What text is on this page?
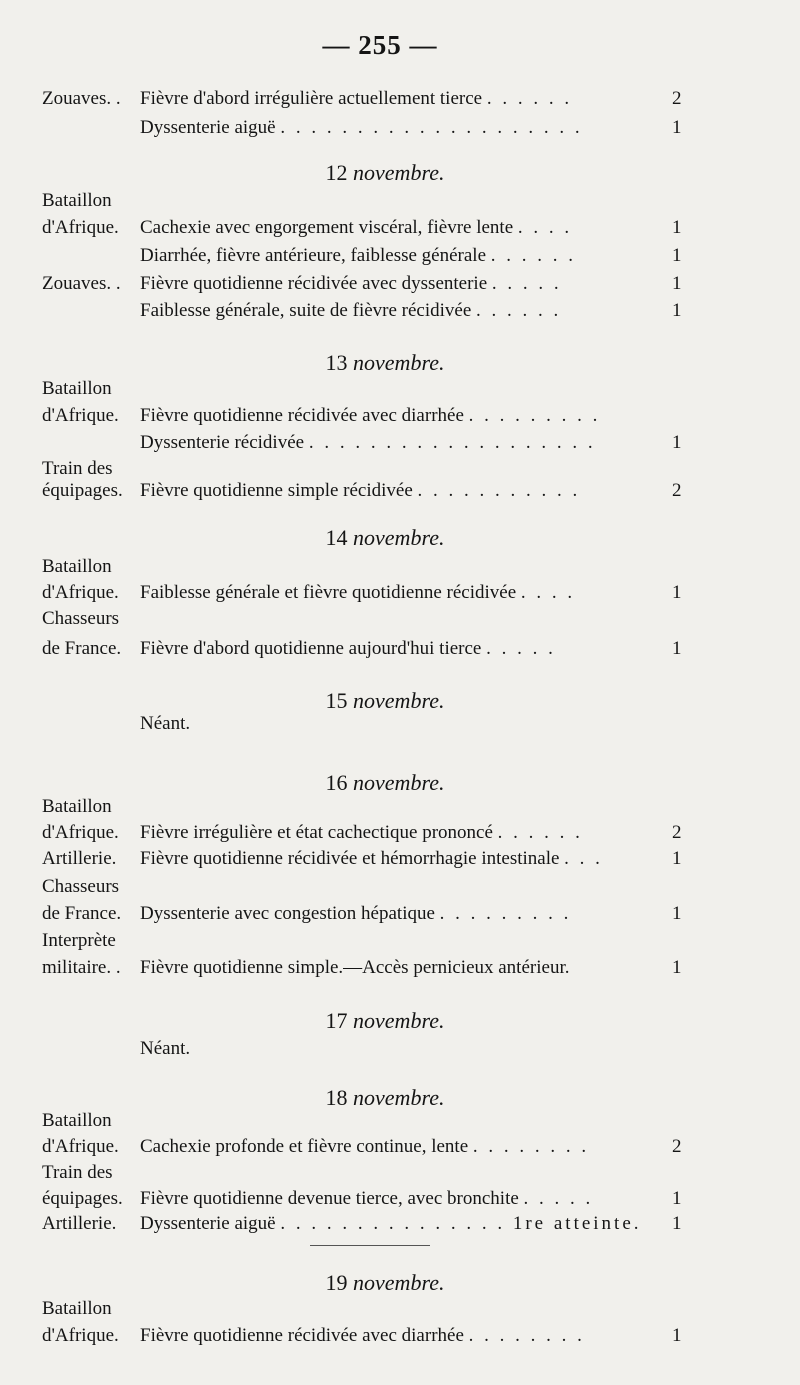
— 255 —
Zouaves. . Fièvre d'abord irrégulière actuellement tierce . . . . . .	2
Dyssenterie aiguë . . . . . . . . . . . . . . . . . . . .	1
12 novembre.
Bataillon
d'Afrique. Cachexie avec engorgement viscéral, fièvre lente . . . .	1
Diarrhée, fièvre antérieure, faiblesse générale . . . . . .	1
Zouaves. . Fièvre quotidienne récidivée avec dyssenterie . . . . .	1
Faiblesse générale, suite de fièvre récidivée . . . . . .	1
13 novembre.
Bataillon
d'Afrique. Fièvre quotidienne récidivée avec diarrhée . . . . . . . . .
Dyssenterie récidivée . . . . . . . . . . . . . . . . . . .	1
Train des
équipages. Fièvre quotidienne simple récidivée . . . . . . . . . . .	2
14 novembre.
Bataillon
d'Afrique. Faiblesse générale et fièvre quotidienne récidivée . . . .	1
Chasseurs
de France. Fièvre d'abord quotidienne aujourd'hui tierce . . . . .	1
15 novembre.
Néant.
16 novembre.
Bataillon
d'Afrique. Fièvre irrégulière et état cachectique prononcé . . . . . .	2
Artillerie. Fièvre quotidienne récidivée et hémorrhagie intestinale . . .	1
Chasseurs
de France. Dyssenterie avec congestion hépatique . . . . . . . . .	1
Interprète
militaire. . Fièvre quotidienne simple.—Accès pernicieux antérieur.	1
17 novembre.
Néant.
18 novembre.
Bataillon
d'Afrique. Cachexie profonde et fièvre continue, lente . . . . . . . .	2
Train des
équipages. Fièvre quotidienne devenue tierce, avec bronchite . . . . .	1
Artillerie. Dyssenterie aiguë . . . . . . . . . . . . . . . 1re atteinte.	1
19 novembre.
Bataillon
d'Afrique. Fièvre quotidienne récidivée avec diarrhée . . . . . . . .	1
